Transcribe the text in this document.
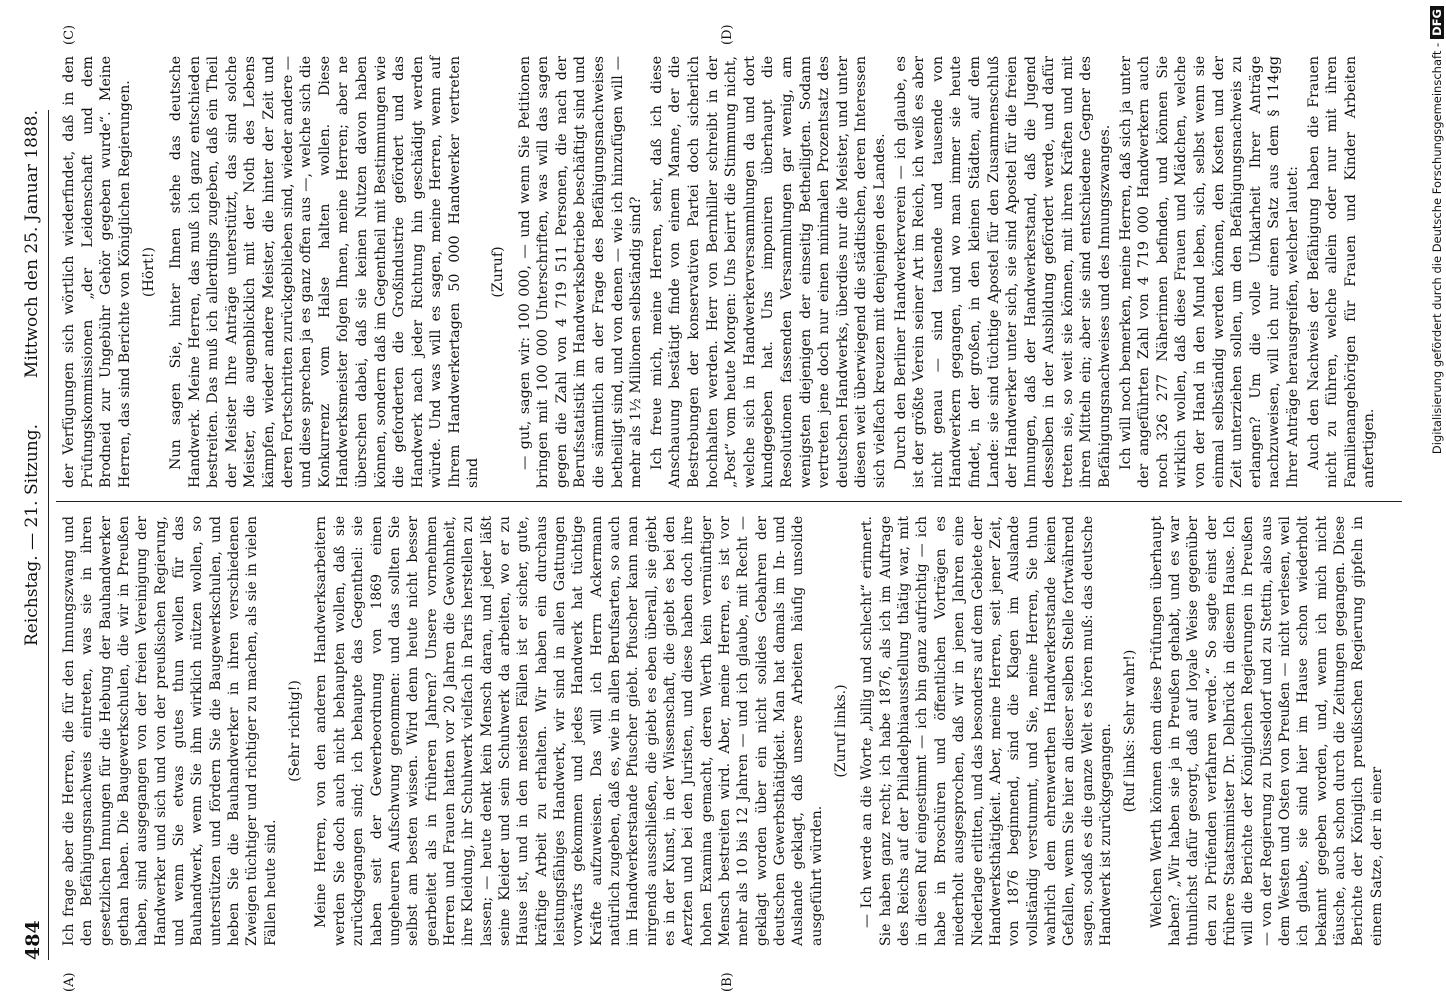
484
Reichstag. — 21. Sitzung.
Mittwoch den 25. Januar 1888.
(A)	(B)
(C)	(D)

Ich frage aber die Herren, die für den Innungszwang und den Befähigungsnachweis eintreten, was sie in ihren gesetzlichen Innungen für die Hebung der Bauhandwerker gethan haben. Die Baugewerkschulen, die wir in Preußen haben, sind ausgegangen von der freien Vereinigung der Handwerker und sich und von der preußischen Regierung, und wenn Sie etwas gutes thun wollen für das Bauhandwerk, wenn Sie ihm wirklich nützen wollen, so unterstützen und fördern Sie die Baugewerkschulen, und heben Sie die Bauhandwerker in ihren verschiedenen Zweigen tüchtiger und richtiger zu machen, als sie in vielen Fällen heute sind.

(Sehr richtig!) Meine Herren, von den anderen Handwerksarbeitern werden Sie doch auch nicht behaupten wollen, daß sie zurückgegangen sind; ich behaupte das Gegentheil: sie haben seit der Gewerbeordnung von 1869 einen ungeheuren Aufschwung genommen: und das sollten Sie selbst am besten wissen. Wird denn heute nicht besser gearbeitet als in früheren Jahren? Unsere vornehmen Herren und Frauen hatten vor 20 Jahren die Gewohnheit, ihre Kleidung, ihr Schuhwerk vielfach in Paris herstellen zu lassen; — heute denkt kein Mensch daran, und jeder läßt seine Kleider und sein Schuhwerk da arbeiten, wo er zu Hause ist, und in den meisten Fällen ist er sicher, gute, kräftige Arbeit zu erhalten. Wir haben ein durchaus leistungsfähiges Handwerk, wir sind in allen Gattungen vorwärts gekommen und jedes Handwerk hat tüchtige Kräfte aufzuweisen. Das will ich Herrn Ackermann natürlich zugeben, daß es, wie in allen Berufsarten, so auch im Handwerkerstande Pfuscher giebt. Pfuscher kann man nirgends ausschließen, die giebt es eben überall, sie giebt es in der Kunst, in der Wissenschaft, die giebt es bei den Aerzten und bei den Juristen, und diese haben doch ihre hohen Examina gemacht, deren Werth kein vernünftiger Mensch bestreiten wird. Aber, meine Herren, es ist vor mehr als 10 bis 12 Jahren — und ich glaube, mit Recht — geklagt worden über ein nicht solides Gebahren der deutschen Gewerbsthätigkeit. Man hat damals im In- und Auslande geklagt, daß unsere Arbeiten häufig unsolide ausgeführt würden.

(Zuruf links.) — Ich werde an die Worte „billig und schlecht“ erinnert. Sie haben ganz recht; ich habe 1876, als ich im Auftrage des Reichs auf der Philadelphiaausstellung thätig war, mit in diesen Ruf eingestimmt — ich bin ganz aufrichtig — ich habe in Broschüren und öffentlichen Vorträgen es niederholt ausgesprochen, daß wir in jenen Jahren eine Niederlage erlitten, und das besonders auf dem Gebiete der Handwerksthätigkeit. Aber, meine Herren, seit jener Zeit, von 1876 beginnend, sind die Klagen im Auslande vollständig verstummt, und Sie, meine Herren, Sie thun wahrlich dem ehrenwerthen Handwerkerstande keinen Gefallen, wenn Sie hier an dieser selben Stelle fortwährend sagen, sodaß es die ganze Welt es hören muß: das deutsche Handwerk ist zurückgegangen. (Ruf links: Sehr wahr!) Welchen Werth können denn diese Prüfungen überhaupt haben? „Wir haben sie ja in Preußen gehabt, und es war thunlichst dafür gesorgt, daß auf loyale Weise gegenüber den zu Prüfenden verfahren werde.“ So sagte einst der frühere Staatsminister Dr. Delbrück in diesem Hause. Ich will die Berichte der Königlichen Regierungen in Preußen — von der Regierung zu Düsseldorf und zu Stettin, also aus dem Westen und Osten von Preußen — nicht verlesen, weil ich glaube, sie sind hier im Hause schon wiederholt bekannt gegeben worden, und, wenn ich mich nicht täusche, auch schon durch die Zeitungen gegangen. Diese Berichte der Königlich preußischen Regierung gipfeln in einem Satze, der in einer

der Verfügungen sich wörtlich wiederfindet, daß in den Prüfungskommissionen „der Leidenschaft und dem Brodneid zur Ungebühr Gehör gegeben wurde“. Meine Herren, das sind Berichte von Königlichen Regierungen. (Hört!) Nun sagen Sie, hinter Ihnen stehe das deutsche Handwerk. Meine Herren, das muß ich ganz entschieden bestreiten. Das muß ich allerdings zugeben, daß ein Theil der Meister Ihre Anträge unterstützt, das sind solche Meister, die augenblicklich mit der Noth des Lebens kämpfen, wieder andere Meister, die hinter der Zeit und deren Fortschritten zurückgeblieben sind, wieder andere — und diese sprechen ja es ganz offen aus —, welche sich die Konkurrenz vom Halse halten wollen. Diese Handwerksmeister folgen Ihnen, meine Herren; aber ne überschen dabei, daß sie keinen Nutzen davon haben können, sondern daß im Gegentheil mit Bestimmungen wie die geforderten die Großindustrie gefördert und das Handwerk nach jeder Richtung hin geschädigt werden würde. Und was will es sagen, meine Herren, wenn auf Ihrem Handwerkertagen 50 000 Handwerker vertreten sind

(Zuruf) — gut, sagen wir: 100 000, — und wenn Sie Petitionen bringen mit 100 000 Unterschriften, was will das sagen gegen die Zahl von 4 719 511 Personen, die nach der Berufsstatistik im Handwerksbetriebe beschäftigt sind und die sämmtlich an der Frage des Befähigungsnachweises betheiligt sind, und von denen — wie ich hinzufügen will — mehr als 1½ Millionen selbständig sind? Ich freue mich, meine Herren, sehr, daß ich diese Anschauung bestätigt finde von einem Manne, der die Bestrebungen der konservativen Partei doch sicherlich hochhalten werden. Herr von Bernhiller schreibt in der „Post“ vom heute Morgen: Uns beirrt die Stimmung nicht, welche sich in Handwerkerversammlungen da und dort kundgegeben hat. Uns imponiren überhaupt die Resolutionen fassenden Versammlungen gar wenig, am wenigsten diejenigen der einseitig Betheiligten. Sodann vertreten jene doch nur einen minimalen Prozentsatz des deutschen Handwerks, überdies nur die Meister, und unter diesen weit überwiegend die städtischen, deren Interessen sich vielfach kreuzen mit denjenigen des Landes. Durch den Berliner Handwerkerverein — ich glaube, es ist der größte Verein seiner Art im Reich, ich weiß es aber nicht genau — sind tausende und tausende von Handwerkern gegangen, und wo man immer sie heute findet, in der großen, in den kleinen Städten, auf dem Lande: sie sind tüchtige Apostel für den Zusammenschluß der Handwerker unter sich, sie sind Apostel für die freien Innungen, daß der Handwerkerstand, daß die Jugend desselben in der Ausbildung gefördert werde, und dafür treten sie, so weit sie können, mit ihren Kräften und mit ihren Mitteln ein; aber sie sind entschiedene Gegner des Befähigungsnachweises und des Innungszwanges. Ich will noch bemerken, meine Herren, daß sich ja unter der angeführten Zahl von 4 719 000 Handwerkern auch noch 326 277 Näherinnen befinden, und können Sie wirklich wollen, daß diese Frauen und Mädchen, welche von der Hand in den Mund leben, sich, selbst wenn sie einmal selbständig werden können, den Kosten und der Zeit unterziehen sollen, um den Befähigungsnachweis zu erlangen? Um die volle Unklarheit Ihrer Anträge nachzuweisen, will ich nur einen Satz aus dem § 114gg Ihrer Anträge herausgreifen, welcher lautet: Auch den Nachweis der Befähigung haben die Frauen nicht zu führen, welche allein oder nur mit ihren Familienangehörigen für Frauen und Kinder Arbeiten anfertigen.	Digitalisierung gefördert durch die Deutsche Forschungsgemeinschaft -DFG
